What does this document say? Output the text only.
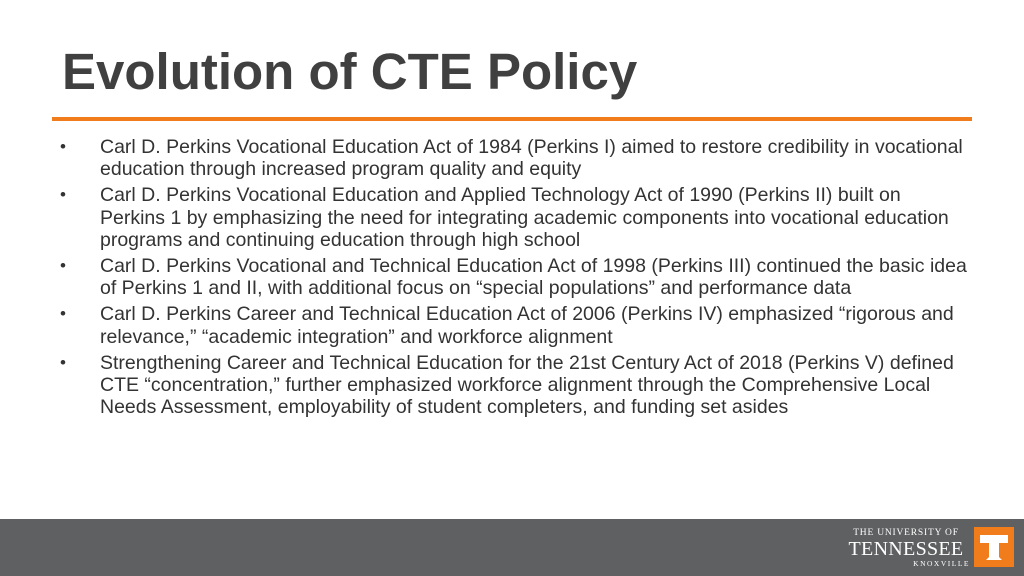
Evolution of CTE Policy
•	Carl D. Perkins Vocational Education Act of 1984 (Perkins I) aimed to restore credibility in vocational education through increased program quality and equity
•	Carl D. Perkins Vocational Education and Applied Technology Act of 1990 (Perkins II) built on Perkins 1 by emphasizing the need for integrating academic components into vocational education programs and continuing education through high school
•	Carl D. Perkins Vocational and Technical Education Act of 1998 (Perkins III) continued the basic idea of Perkins 1 and II, with additional focus on “special populations” and performance data
•	Carl D. Perkins Career and Technical Education Act of 2006 (Perkins IV) emphasized “rigorous and relevance,” “academic integration” and workforce alignment
•	Strengthening Career and Technical Education for the 21st Century Act of 2018 (Perkins V) defined CTE “concentration,” further emphasized workforce alignment through the Comprehensive Local Needs Assessment, employability of student completers, and funding set asides
THE UNIVERSITY OF
TENNESSEE
KNOXVILLE
